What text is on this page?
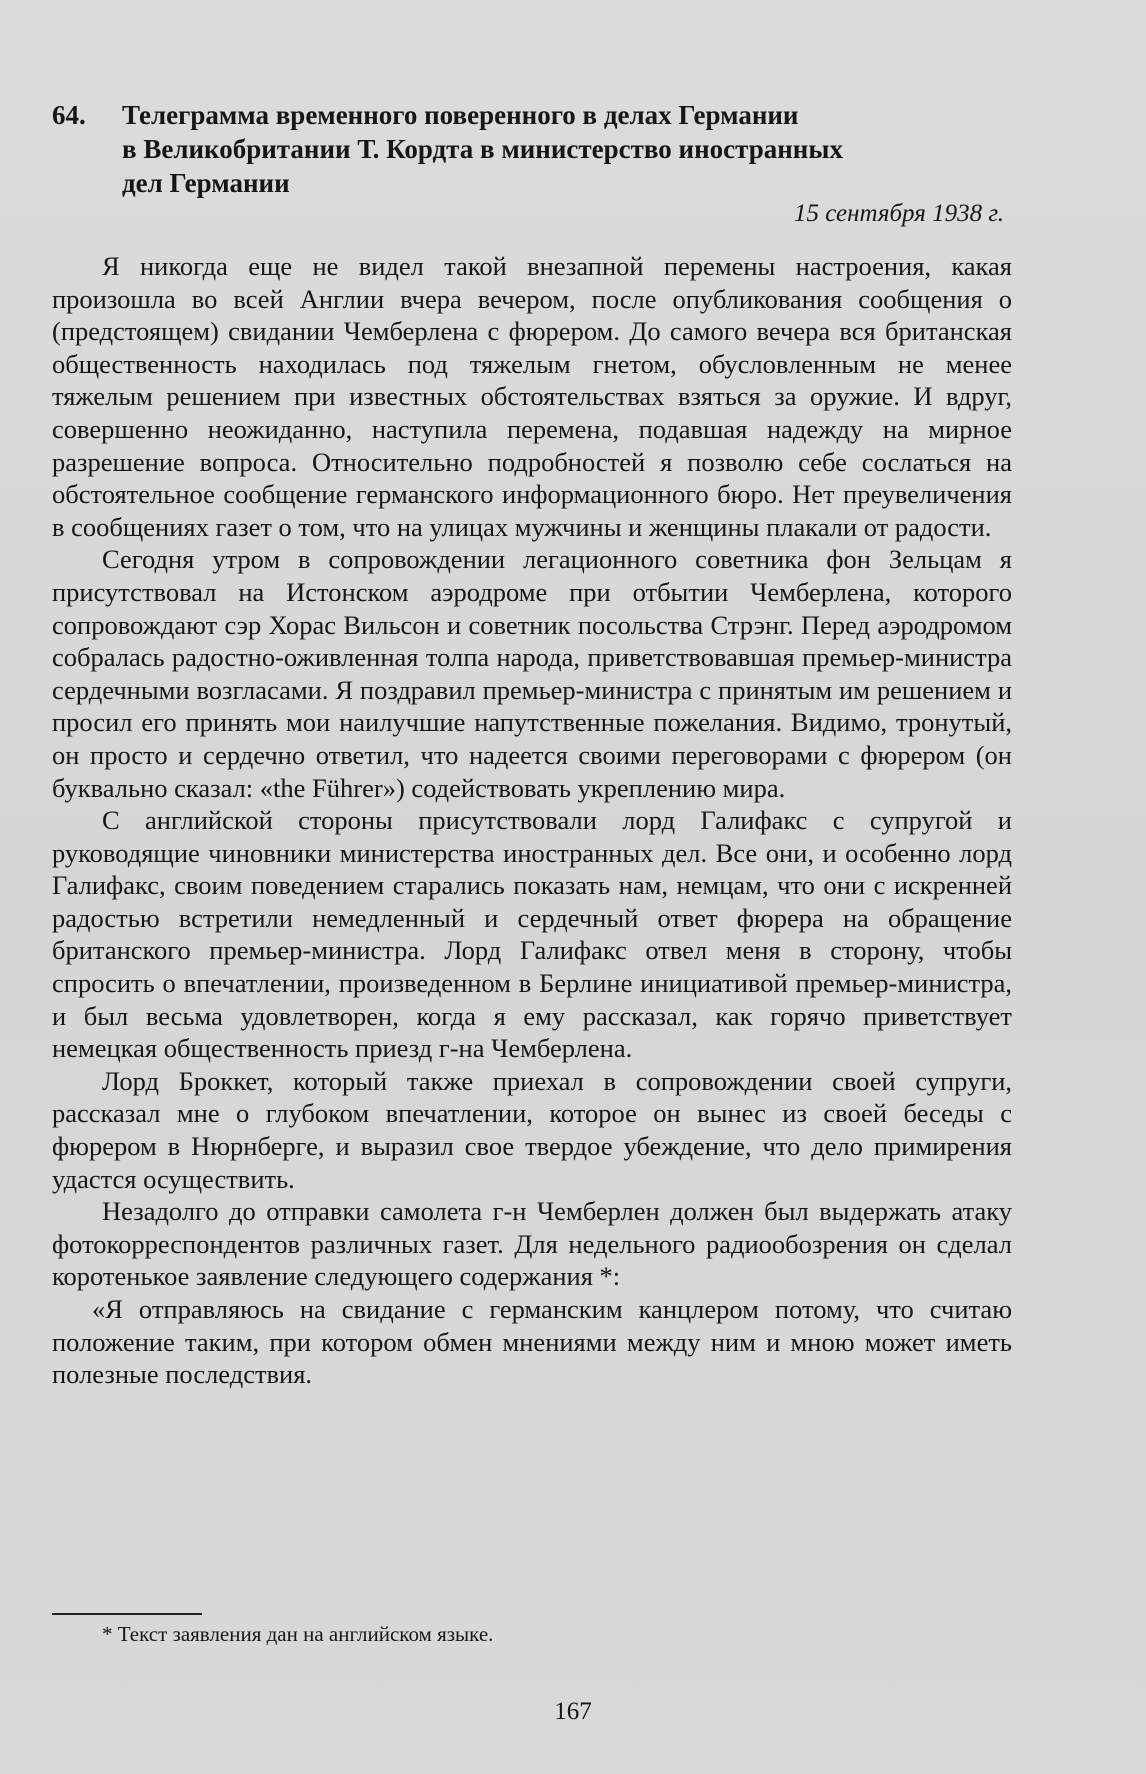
64. Телеграмма временного поверенного в делах Германии
в Великобритании Т. Кордта в министерство иностранных
дел Германии
15 сентября 1938 г.

Я никогда еще не видел такой внезапной перемены настроения, какая произошла во всей Англии вчера вечером, после опубликования сообщения о (предстоящем) свидании Чемберлена с фюрером. До самого вечера вся британская общественность находилась под тяжелым гнетом, обусловленным не менее тяжелым решением при известных обстоятельствах взяться за оружие. И вдруг, совершенно неожиданно, наступила перемена, подавшая надежду на мирное разрешение вопроса. Относительно подробностей я позволю себе сослаться на обстоятельное сообщение германского информационного бюро. Нет преувеличения в сообщениях газет о том, что на улицах мужчины и женщины плакали от радости.

Сегодня утром в сопровождении легационного советника фон Зельцам я присутствовал на Истонском аэродроме при отбытии Чемберлена, которого сопровождают сэр Хорас Вильсон и советник посольства Стрэнг. Перед аэродромом собралась радостно-оживленная толпа народа, приветствовавшая премьер-министра сердечными возгласами. Я поздравил премьер-министра с принятым им решением и просил его принять мои наилучшие напутственные пожелания. Видимо, тронутый, он просто и сердечно ответил, что надеется своими переговорами с фюрером (он буквально сказал: «the Führer») содействовать укреплению мира.

С английской стороны присутствовали лорд Галифакс с супругой и руководящие чиновники министерства иностранных дел. Все они, и особенно лорд Галифакс, своим поведением старались показать нам, немцам, что они с искренней радостью встретили немедленный и сердечный ответ фюрера на обращение британского премьер-министра. Лорд Галифакс отвел меня в сторону, чтобы спросить о впечатлении, произведенном в Берлине инициативой премьер-министра, и был весьма удовлетворен, когда я ему рассказал, как горячо приветствует немецкая общественность приезд г-на Чемберлена.

Лорд Броккет, который также приехал в сопровождении своей супруги, рассказал мне о глубоком впечатлении, которое он вынес из своей беседы с фюрером в Нюрнберге, и выразил свое твердое убеждение, что дело примирения удастся осуществить.

Незадолго до отправки самолета г-н Чемберлен должен был выдержать атаку фотокорреспондентов различных газет. Для недельного радиообозрения он сделал коротенькое заявление следующего содержания *:

«Я отправляюсь на свидание с германским канцлером потому, что считаю положение таким, при котором обмен мнениями между ним и мною может иметь полезные последствия.

* Текст заявления дан на английском языке.
167
